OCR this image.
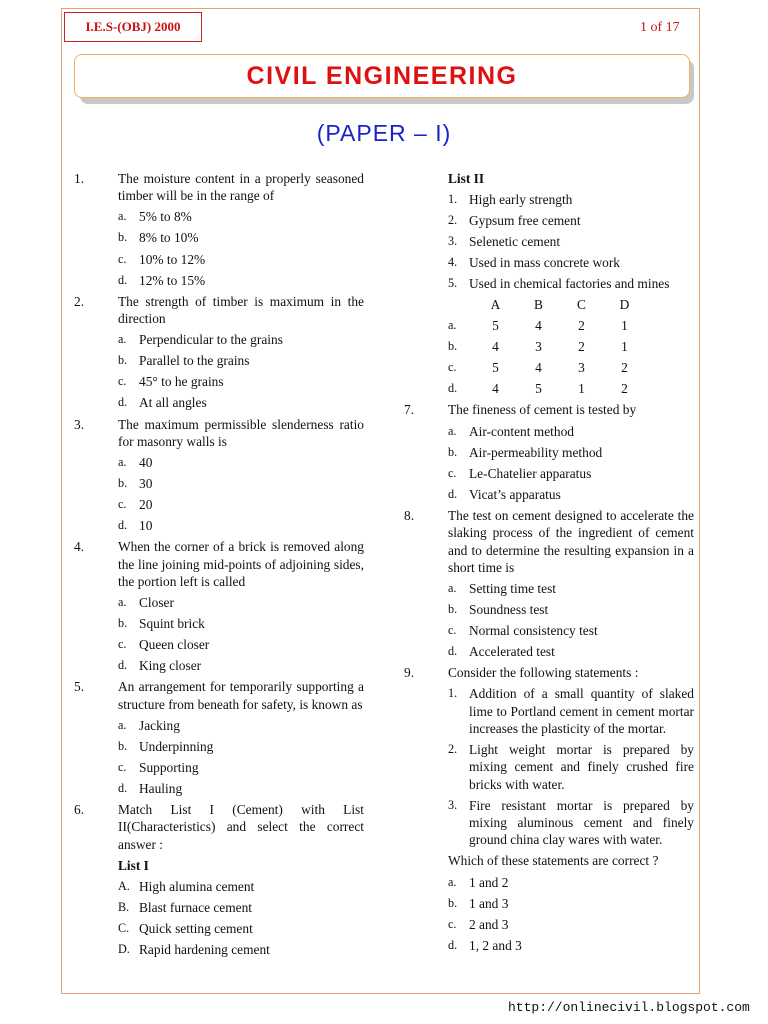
I.E.S-(OBJ) 2000	1 of 17
CIVIL ENGINEERING
(PAPER – I)
1.	The moisture content in a properly seasoned timber will be in the range of
a. 5% to 8%
b. 8% to 10%
c. 10% to 12%
d. 12% to 15%
2.	The strength of timber is maximum in the direction
a. Perpendicular to the grains
b. Parallel to the grains
c. 45° to he grains
d. At all angles
3.	The maximum permissible slenderness ratio for masonry walls is
a. 40
b. 30
c. 20
d. 10
4.	When the corner of a brick is removed along the line joining mid-points of adjoining sides, the portion left is called
a. Closer
b. Squint brick
c. Queen closer
d. King closer
5.	An arrangement for temporarily supporting a structure from beneath for safety, is known as
a. Jacking
b. Underpinning
c. Supporting
d. Hauling
6.	Match List I (Cement) with List II(Characteristics) and select the correct answer :
List I
A. High alumina cement
B. Blast furnace cement
C. Quick setting cement
D. Rapid hardening cement
List II
1. High early strength
2. Gypsum free cement
3. Selenetic cement
4. Used in mass concrete work
5. Used in chemical factories and mines
A	B	C	D
a.	5	4	2	1
b.	4	3	2	1
c.	5	4	3	2
d.	4	5	1	2
7.	The fineness of cement is tested by
a. Air-content method
b. Air-permeability method
c. Le-Chatelier apparatus
d. Vicat’s apparatus
8.	The test on cement designed to accelerate the slaking process of the ingredient of cement and to determine the resulting expansion in a short time is
a. Setting time test
b. Soundness test
c. Normal consistency test
d. Accelerated test
9.	Consider the following statements :
1. Addition of a small quantity of slaked lime to Portland cement in cement mortar increases the plasticity of the mortar.
2. Light weight mortar is prepared by mixing cement and finely crushed fire bricks with water.
3. Fire resistant mortar is prepared by mixing aluminous cement and finely ground china clay wares with water.
Which of these statements are correct ?
a. 1 and 2
b. 1 and 3
c. 2 and 3
d. 1, 2 and 3
http://onlinecivil.blogspot.com
